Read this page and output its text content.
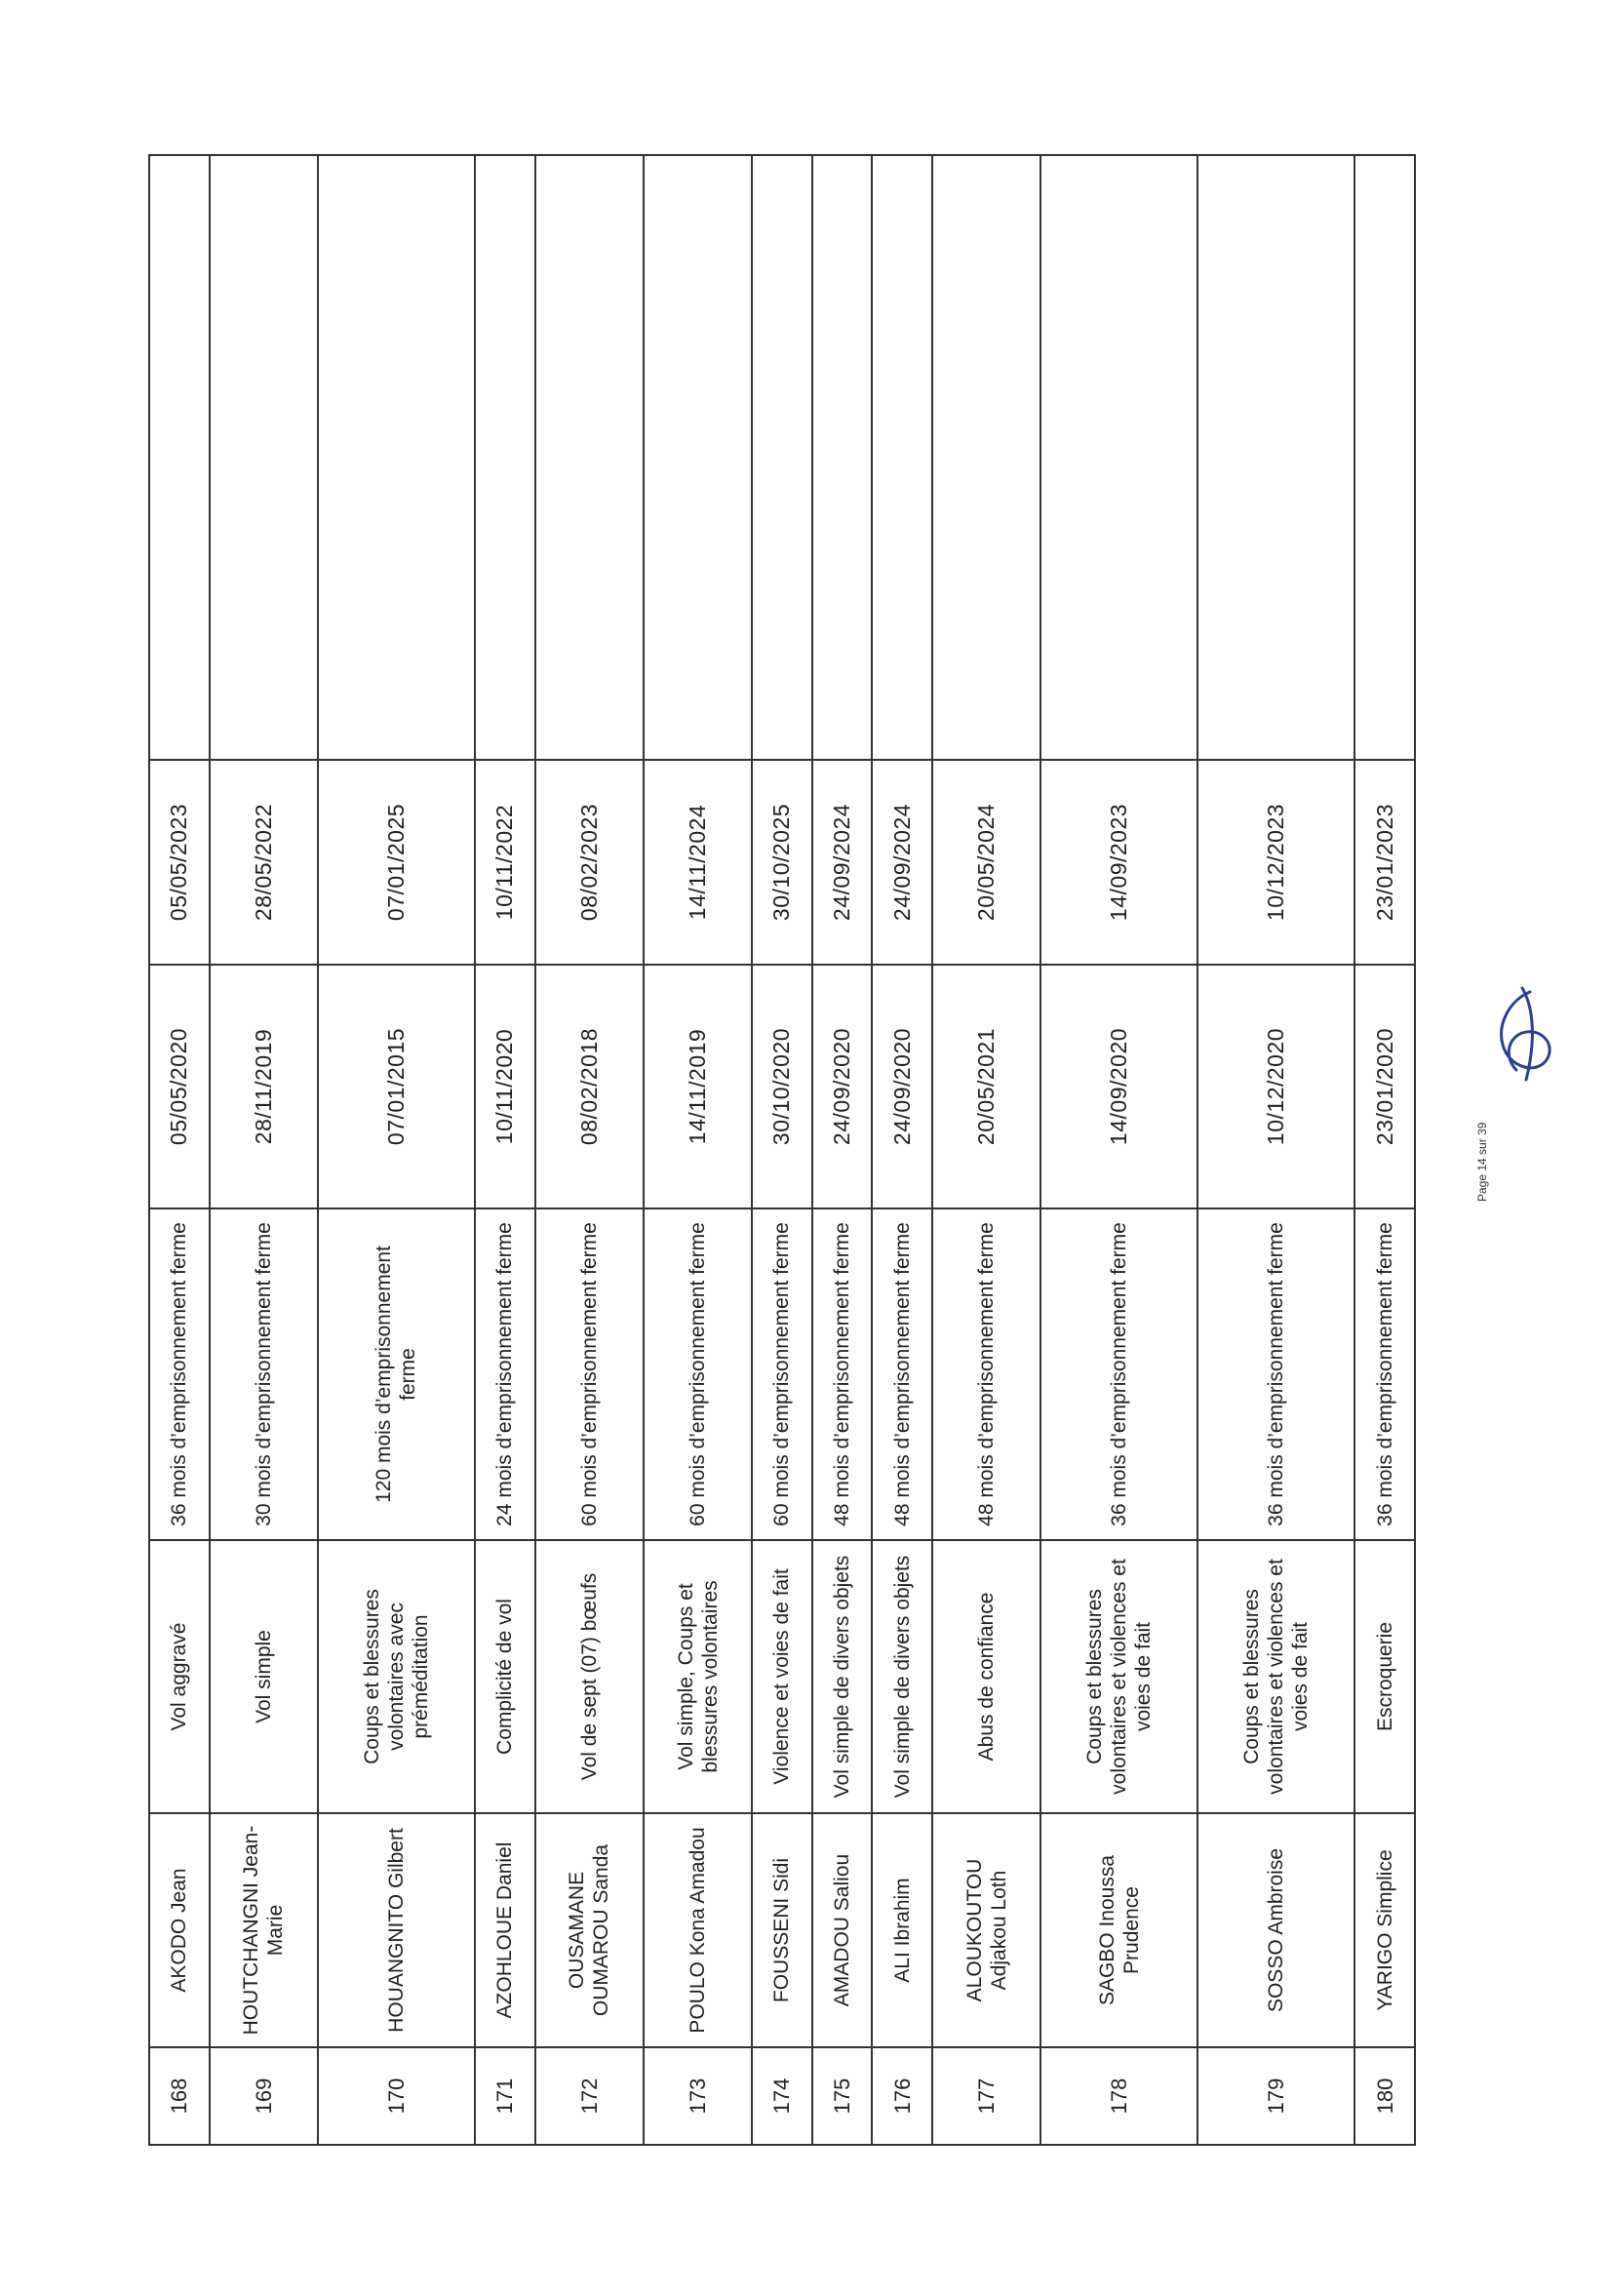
168	AKODO Jean	Vol aggravé	36 mois d’emprisonnement ferme	05/05/2020	05/05/2023	
169	HOUTCHANGNI Jean-Marie	Vol simple	30 mois d’emprisonnement ferme	28/11/2019	28/05/2022	
170	HOUANGNITO Gilbert	Coups et blessures volontaires avec préméditation	120 mois d’emprisonnement ferme	07/01/2015	07/01/2025	
171	AZOHLOUE Daniel	Complicité de vol	24 mois d’emprisonnement ferme	10/11/2020	10/11/2022	
172	OUSAMANE OUMAROU Sanda	Vol de sept (07) bœufs	60 mois d’emprisonnement ferme	08/02/2018	08/02/2023	
173	POULO Kona Amadou	Vol simple, Coups et blessures volontaires	60 mois d’emprisonnement ferme	14/11/2019	14/11/2024	
174	FOUSSENI Sidi	Violence et voies de fait	60 mois d’emprisonnement ferme	30/10/2020	30/10/2025	
175	AMADOU Saliou	Vol simple de divers objets	48 mois d’emprisonnement ferme	24/09/2020	24/09/2024	
176	ALI Ibrahim	Vol simple de divers objets	48 mois d’emprisonnement ferme	24/09/2020	24/09/2024	
177	ALOUKOUTOU Adjakou Loth	Abus de confiance	48 mois d’emprisonnement ferme	20/05/2021	20/05/2024	
178	SAGBO Inoussa Prudence	Coups et blessures volontaires et violences et voies de fait	36 mois d’emprisonnement ferme	14/09/2020	14/09/2023	
179	SOSSO Ambroise	Coups et blessures volontaires et violences et voies de fait	36 mois d’emprisonnement ferme	10/12/2020	10/12/2023	
180	YARIGO Simplice	Escroquerie	36 mois d’emprisonnement ferme	23/01/2020	23/01/2023	
Page 14 sur 39
